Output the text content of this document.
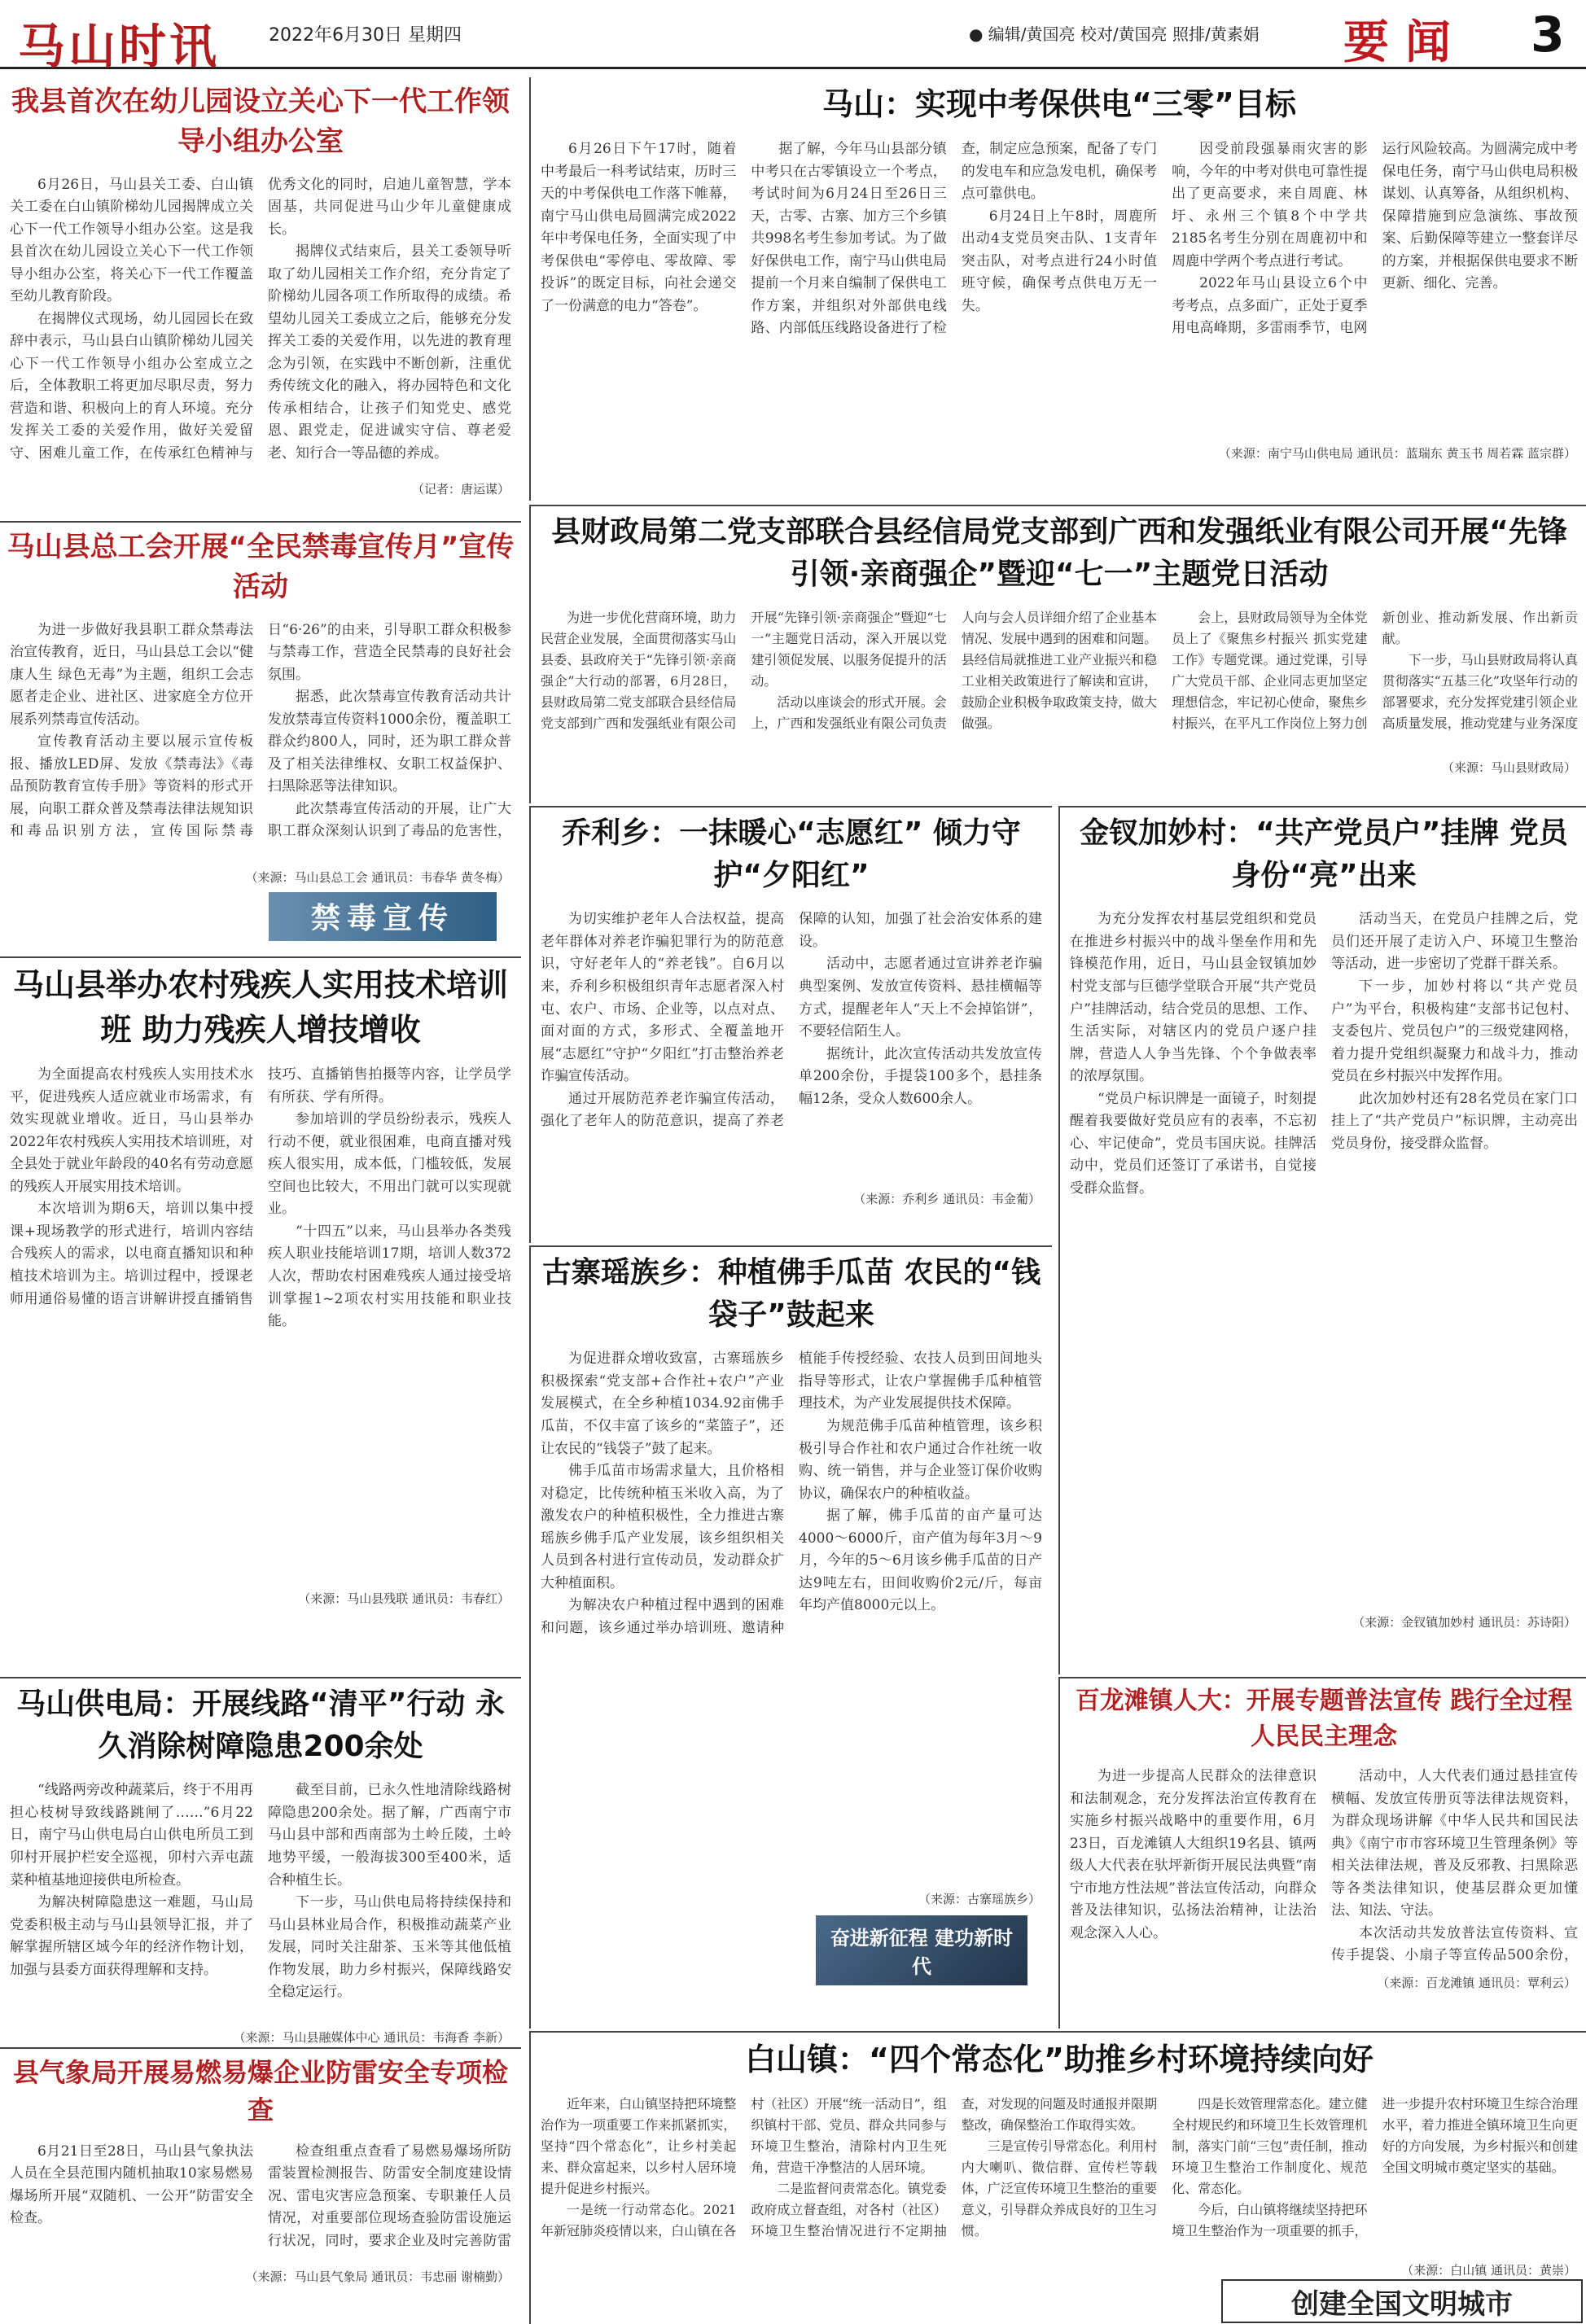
马山时讯	2022年6月30日 星期四	● 编辑/黄国亮 校对/黄国亮 照排/黄素娟 要闻 3
我县首次在幼儿园设立关心下一代工作领导小组办公室

6月26日，马山县关工委、白山镇关工委在白山镇阶梯幼儿园揭牌成立关心下一代工作领导小组办公室。这是我县首次在幼儿园设立关心下一代工作领导小组办公室，将关心下一代工作覆盖至幼儿教育阶段。

在揭牌仪式现场，幼儿园园长在致辞中表示，马山县白山镇阶梯幼儿园关心下一代工作领导小组办公室成立之后，全体教职工将更加尽职尽责，努力营造和谐、积极向上的育人环境。充分发挥关工委的关爱作用，做好关爱留守、困难儿童工作，在传承红色精神与优秀文化的同时，启迪儿童智慧，学本固基，共同促进马山少年儿童健康成长。

揭牌仪式结束后，县关工委领导听取了幼儿园相关工作介绍，充分肯定了阶梯幼儿园各项工作所取得的成绩。希望幼儿园关工委成立之后，能够充分发挥关工委的关爱作用，以先进的教育理念为引领，在实践中不断创新，注重优秀传统文化的融入，将办园特色和文化传承相结合，让孩子们知党史、感党恩、跟党走，促进诚实守信、尊老爱老、知行合一等品德的养成。

（记者：唐运谋）
马山县总工会开展“全民禁毒宣传月”宣传活动

为进一步做好我县职工群众禁毒法治宣传教育，近日，马山县总工会以“健康人生 绿色无毒”为主题，组织工会志愿者走企业、进社区、进家庭全方位开展系列禁毒宣传活动。

宣传教育活动主要以展示宣传板报、播放LED屏、发放《禁毒法》《毒品预防教育宣传手册》等资料的形式开展，向职工群众普及禁毒法律法规知识和毒品识别方法，宣传国际禁毒日“6·26”的由来，引导职工群众积极参与禁毒工作，营造全民禁毒的良好社会氛围。

据悉，此次禁毒宣传教育活动共计发放禁毒宣传资料1000余份，覆盖职工群众约800人，同时，还为职工群众普及了相关法律维权、女职工权益保护、扫黑除恶等法律知识。

此次禁毒宣传活动的开展，让广大职工群众深刻认识到了毒品的危害性，

（来源：马山县总工会 通讯员：韦春华 黄冬梅）
禁毒宣传
马山县举办农村残疾人实用技术培训班 助力残疾人增技增收

为全面提高农村残疾人实用技术水平，促进残疾人适应就业市场需求，有效实现就业增收。近日，马山县举办2022年农村残疾人实用技术培训班，对全县处于就业年龄段的40名有劳动意愿的残疾人开展实用技术培训。

本次培训为期6天，培训以集中授课+现场教学的形式进行，培训内容结合残疾人的需求，以电商直播知识和种植技术培训为主。培训过程中，授课老师用通俗易懂的语言讲解讲授直播销售技巧、直播销售拍摄等内容，让学员学有所获、学有所得。

参加培训的学员纷纷表示，残疾人行动不便，就业很困难，电商直播对残疾人很实用，成本低，门槛较低，发展空间也比较大，不用出门就可以实现就业。

“十四五”以来，马山县举办各类残疾人职业技能培训17期，培训人数372人次，帮助农村困难残疾人通过接受培训掌握1~2项农村实用技能和职业技能。

（来源：马山县残联 通讯员：韦春红）
马山供电局：开展线路“清平”行动 永久消除树障隐患200余处

“线路两旁改种蔬菜后，终于不用再担心枝树导致线路跳闸了……”6月22日，南宁马山供电局白山供电所员工到卯村开展护栏安全巡视，卯村六弄屯蔬菜种植基地迎接供电所检查。

为解决树障隐患这一难题，马山局党委积极主动与马山县领导汇报，并了解掌握所辖区域今年的经济作物计划，加强与县委方面获得理解和支持。

截至目前，已永久性地清除线路树障隐患200余处。据了解，广西南宁市马山县中部和西南部为土岭丘陵，土岭地势平缓，一般海拔300至400米，适合种植生长。

下一步，马山供电局将持续保持和马山县林业局合作，积极推动蔬菜产业发展，同时关注甜茶、玉米等其他低植作物发展，助力乡村振兴，保障线路安全稳定运行。

（来源：马山县融媒体中心 通讯员：韦海香 李新）
县气象局开展易燃易爆企业防雷安全专项检查

6月21日至28日，马山县气象执法人员在全县范围内随机抽取10家易燃易爆场所开展“双随机、一公开”防雷安全检查。

检查组重点查看了易燃易爆场所防雷装置检测报告、防雷安全制度建设情况、雷电灾害应急预案、专职兼任人员情况，对重要部位现场查验防雷设施运行状况，同时，要求企业及时完善防雷

（来源：马山县气象局 通讯员：韦忠丽 谢楠勤）
马山：实现中考保供电“三零”目标

6月26日下午17时，随着中考最后一科考试结束，历时三天的中考保供电工作落下帷幕，南宁马山供电局圆满完成2022年中考保电任务，全面实现了中考保供电“零停电、零故障、零投诉”的既定目标，向社会递交了一份满意的电力“答卷”。

据了解，今年马山县部分镇中考只在古零镇设立一个考点，考试时间为6月24日至26日三天，古零、古寨、加方三个乡镇共998名考生参加考试。为了做好保供电工作，南宁马山供电局提前一个月来自编制了保供电工作方案，并组织对外部供电线路、内部低压线路设备进行了检查，制定应急预案，配备了专门的发电车和应急发电机，确保考点可靠供电。

6月24日上午8时，周鹿所出动4支党员突击队、1支青年突击队，对考点进行24小时值班守候，确保考点供电万无一失。

因受前段强暴雨灾害的影响，今年的中考对供电可靠性提出了更高要求，来自周鹿、林圩、永州三个镇8个中学共2185名考生分别在周鹿初中和周鹿中学两个考点进行考试。

2022年马山县设立6个中考考点，点多面广，正处于夏季用电高峰期，多雷雨季节，电网运行风险较高。为圆满完成中考保电任务，南宁马山供电局积极谋划、认真筹备，从组织机构、保障措施到应急演练、事故预案、后勤保障等建立一整套详尽的方案，并根据保供电要求不断更新、细化、完善。

（来源：南宁马山供电局 通讯员：蓝瑞东 黄玉书 周若霖 蓝宗群）
县财政局第二党支部联合县经信局党支部到广西和发强纸业有限公司开展“先锋引领·亲商强企”暨迎“七一”主题党日活动

为进一步优化营商环境，助力民营企业发展，全面贯彻落实马山县委、县政府关于“先锋引领·亲商强企”大行动的部署，6月28日，县财政局第二党支部联合县经信局党支部到广西和发强纸业有限公司开展“先锋引领·亲商强企”暨迎“七一”主题党日活动，深入开展以党建引领促发展、以服务促提升的活动。

活动以座谈会的形式开展。会上，广西和发强纸业有限公司负责人向与会人员详细介绍了企业基本情况、发展中遇到的困难和问题。县经信局就推进工业产业振兴和稳工业相关政策进行了解读和宣讲，鼓励企业积极争取政策支持，做大做强。

会上，县财政局领导为全体党员上了《聚焦乡村振兴 抓实党建工作》专题党课。通过党课，引导广大党员干部、企业同志更加坚定理想信念，牢记初心使命，聚焦乡村振兴，在平凡工作岗位上努力创新创业、推动新发展、作出新贡献。

下一步，马山县财政局将认真贯彻落实“五基三化”攻坚年行动的部署要求，充分发挥党建引领企业高质量发展，推动党建与业务深度

（来源：马山县财政局）
乔利乡：一抹暖心“志愿红” 倾力守护“夕阳红”

为切实维护老年人合法权益，提高老年群体对养老诈骗犯罪行为的防范意识，守好老年人的“养老钱”。自6月以来，乔利乡积极组织青年志愿者深入村屯、农户、市场、企业等，以点对点、面对面的方式，多形式、全覆盖地开展“志愿红”守护“夕阳红”打击整治养老诈骗宣传活动。

通过开展防范养老诈骗宣传活动，强化了老年人的防范意识，提高了养老保障的认知，加强了社会治安体系的建设。

活动中，志愿者通过宣讲养老诈骗典型案例、发放宣传资料、悬挂横幅等方式，提醒老年人“天上不会掉馅饼”，不要轻信陌生人。

据统计，此次宣传活动共发放宣传单200余份，手提袋100多个，悬挂条幅12条，受众人数600余人。

（来源：乔利乡 通讯员：韦金葡）
金钗加妙村：“共产党员户”挂牌 党员身份“亮”出来

为充分发挥农村基层党组织和党员在推进乡村振兴中的战斗堡垒作用和先锋模范作用，近日，马山县金钗镇加妙村党支部与巨德学堂联合开展“共产党员户”挂牌活动，结合党员的思想、工作、生活实际，对辖区内的党员户逐户挂牌，营造人人争当先锋、个个争做表率的浓厚氛围。

“党员户标识牌是一面镜子，时刻提醒着我要做好党员应有的表率，不忘初心、牢记使命”，党员韦国庆说。挂牌活动中，党员们还签订了承诺书，自觉接受群众监督。

活动当天，在党员户挂牌之后，党员们还开展了走访入户、环境卫生整治等活动，进一步密切了党群干群关系。

下一步，加妙村将以“共产党员户”为平台，积极构建“支部书记包村、支委包片、党员包户”的三级党建网格，着力提升党组织凝聚力和战斗力，推动党员在乡村振兴中发挥作用。

此次加妙村还有28名党员在家门口挂上了“共产党员户”标识牌，主动亮出党员身份，接受群众监督。

（来源：金钗镇加妙村 通讯员：苏诗阳）
古寨瑶族乡：种植佛手瓜苗 农民的“钱袋子”鼓起来

为促进群众增收致富，古寨瑶族乡积极探索“党支部+合作社+农户”产业发展模式，在全乡种植1034.92亩佛手瓜苗，不仅丰富了该乡的“菜篮子”，还让农民的“钱袋子”鼓了起来。

佛手瓜苗市场需求量大，且价格相对稳定，比传统种植玉米收入高，为了激发农户的种植积极性，全力推进古寨瑶族乡佛手瓜产业发展，该乡组织相关人员到各村进行宣传动员，发动群众扩大种植面积。

为解决农户种植过程中遇到的困难和问题，该乡通过举办培训班、邀请种植能手传授经验、农技人员到田间地头指导等形式，让农户掌握佛手瓜种植管理技术，为产业发展提供技术保障。

为规范佛手瓜苗种植管理，该乡积极引导合作社和农户通过合作社统一收购、统一销售，并与企业签订保价收购协议，确保农户的种植收益。

据了解，佛手瓜苗的亩产量可达4000～6000斤，亩产值为每年3月～9月，今年的5～6月该乡佛手瓜苗的日产达9吨左右，田间收购价2元/斤，每亩年均产值8000元以上。

（来源：古寨瑶族乡）
奋进新征程 建功新时代
百龙滩镇人大：开展专题普法宣传 践行全过程人民民主理念

为进一步提高人民群众的法律意识和法制观念，充分发挥法治宣传教育在实施乡村振兴战略中的重要作用，6月23日，百龙滩镇人大组织19名县、镇两级人大代表在驮坪新街开展民法典暨“南宁市地方性法规”普法宣传活动，向群众普及法律知识，弘扬法治精神，让法治观念深入人心。

活动中，人大代表们通过悬挂宣传横幅、发放宣传册页等法律法规资料，为群众现场讲解《中华人民共和国民法典》《南宁市市容环境卫生管理条例》等相关法律法规，普及反邪教、扫黑除恶等各类法律知识，使基层群众更加懂法、知法、守法。

本次活动共发放普法宣传资料、宣传手提袋、小扇子等宣传品500余份，

（来源：百龙滩镇 通讯员：覃利云）
白山镇：“四个常态化”助推乡村环境持续向好

近年来，白山镇坚持把环境整治作为一项重要工作来抓紧抓实，坚持“四个常态化”，让乡村美起来、群众富起来，以乡村人居环境提升促进乡村振兴。

一是统一行动常态化。2021年新冠肺炎疫情以来，白山镇在各村（社区）开展“统一活动日”，组织镇村干部、党员、群众共同参与环境卫生整治，清除村内卫生死角，营造干净整洁的人居环境。

二是监督问责常态化。镇党委政府成立督查组，对各村（社区）环境卫生整治情况进行不定期抽查，对发现的问题及时通报并限期整改，确保整治工作取得实效。

三是宣传引导常态化。利用村内大喇叭、微信群、宣传栏等载体，广泛宣传环境卫生整治的重要意义，引导群众养成良好的卫生习惯。

四是长效管理常态化。建立健全村规民约和环境卫生长效管理机制，落实门前“三包”责任制，推动环境卫生整治工作制度化、规范化、常态化。

今后，白山镇将继续坚持把环境卫生整治作为一项重要的抓手，进一步提升农村环境卫生综合治理水平，着力推进全镇环境卫生向更好的方向发展，为乡村振兴和创建全国文明城市奠定坚实的基础。

（来源：白山镇 通讯员：黄崇）
创建全国文明城市
